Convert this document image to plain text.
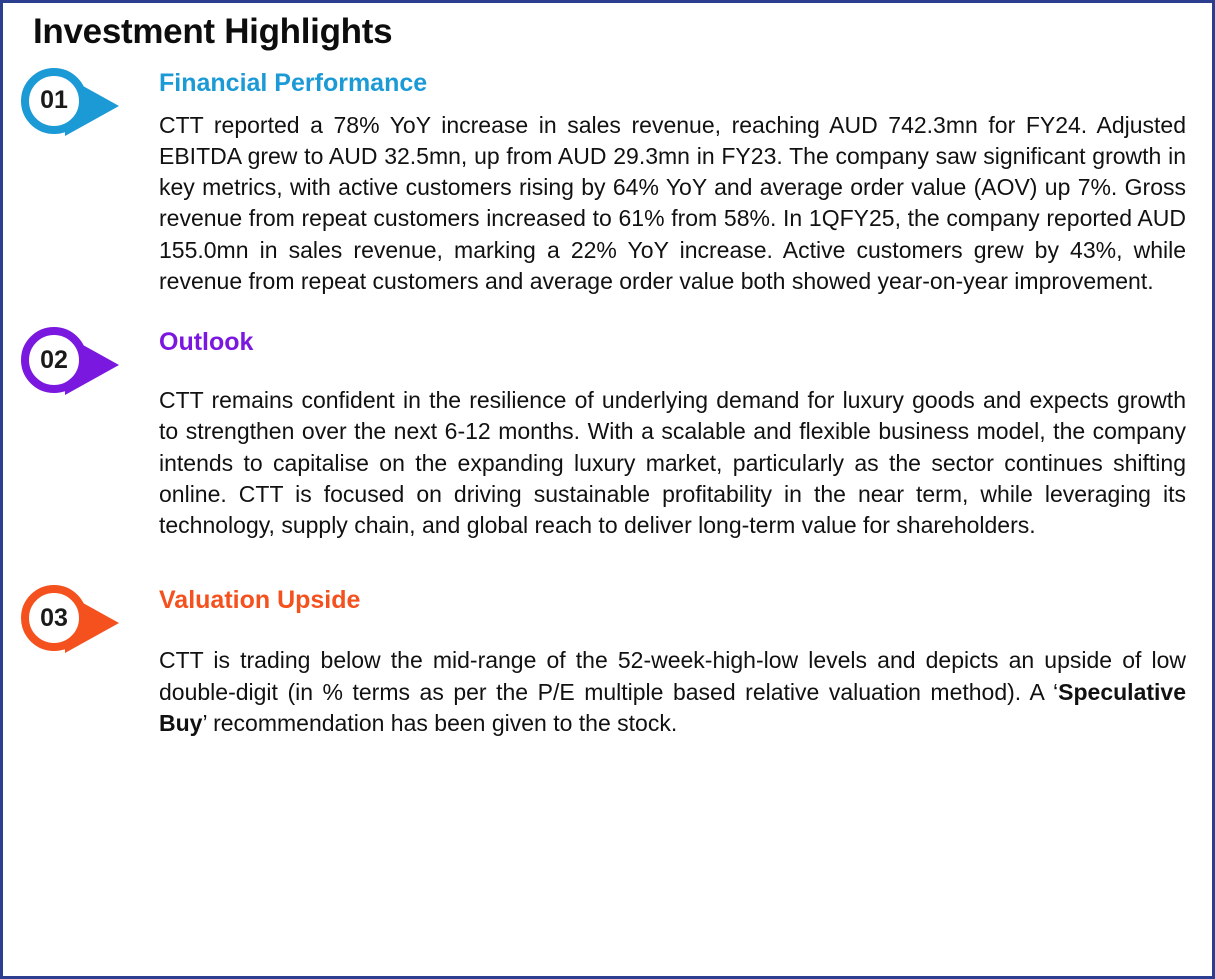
Investment Highlights
01
Financial Performance

CTT reported a 78% YoY increase in sales revenue, reaching AUD 742.3mn for FY24. Adjusted EBITDA grew to AUD 32.5mn, up from AUD 29.3mn in FY23. The company saw significant growth in key metrics, with active customers rising by 64% YoY and average order value (AOV) up 7%. Gross revenue from repeat customers increased to 61% from 58%. In 1QFY25, the company reported AUD 155.0mn in sales revenue, marking a 22% YoY increase. Active customers grew by 43%, while revenue from repeat customers and average order value both showed year-on-year improvement.

02
Outlook

CTT remains confident in the resilience of underlying demand for luxury goods and expects growth to strengthen over the next 6-12 months. With a scalable and flexible business model, the company intends to capitalise on the expanding luxury market, particularly as the sector continues shifting online. CTT is focused on driving sustainable profitability in the near term, while leveraging its technology, supply chain, and global reach to deliver long-term value for shareholders.

03
Valuation Upside

CTT is trading below the mid-range of the 52-week-high-low levels and depicts an upside of low double-digit (in % terms as per the P/E multiple based relative valuation method). A ‘Speculative Buy’ recommendation has been given to the stock.
